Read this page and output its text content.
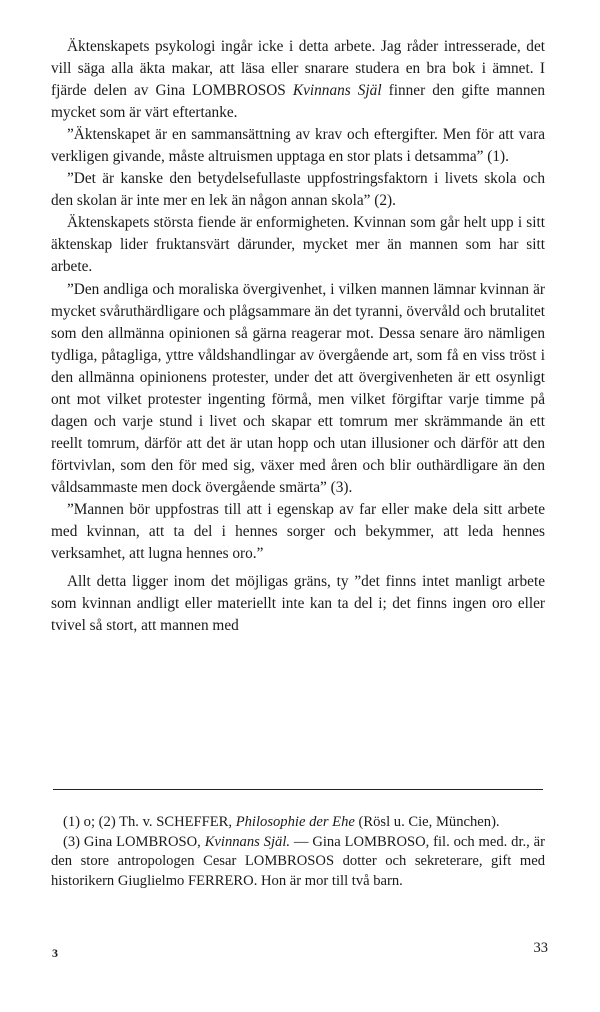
Äktenskapets psykologi ingår icke i detta arbete. Jag råder intresserade, det vill säga alla äkta makar, att läsa eller snarare studera en bra bok i ämnet. I fjärde delen av Gina LOMBROSOS Kvinnans Själ finner den gifte mannen mycket som är värt eftertanke.

”Äktenskapet är en sammansättning av krav och eftergifter. Men för att vara verkligen givande, måste altruismen upptaga en stor plats i detsamma” (1).

”Det är kanske den betydelsefullaste uppfostringsfaktorn i livets skola och den skolan är inte mer en lek än någon annan skola” (2).

Äktenskapets största fiende är enformigheten. Kvinnan som går helt upp i sitt äktenskap lider fruktansvärt därunder, mycket mer än mannen som har sitt arbete.

”Den andliga och moraliska övergivenhet, i vilken mannen lämnar kvinnan är mycket svåruthärdligare och plågsammare än det tyranni, övervåld och brutalitet som den allmänna opinionen så gärna reagerar mot. Dessa senare äro nämligen tydliga, påtagliga, yttre våldshandlingar av övergående art, som få en viss tröst i den allmänna opinionens protester, under det att övergivenheten är ett osynligt ont mot vilket protester ingenting förmå, men vilket förgiftar varje timme på dagen och varje stund i livet och skapar ett tomrum mer skrämmande än ett reellt tomrum, därför att det är utan hopp och utan illusioner och därför att den förtvivlan, som den för med sig, växer med åren och blir outhärdligare än den våldsammaste men dock övergående smärta” (3).

”Mannen bör uppfostras till att i egenskap av far eller make dela sitt arbete med kvinnan, att ta del i hennes sorger och bekymmer, att leda hennes verksamhet, att lugna hennes oro.”

Allt detta ligger inom det möjligas gräns, ty ”det finns intet manligt arbete som kvinnan andligt eller materiellt inte kan ta del i; det finns ingen oro eller tvivel så stort, att mannen med

(1) o; (2) Th. v. SCHEFFER, Philosophie der Ehe (Rösl u. Cie, München).

(3) Gina LOMBROSO, Kvinnans Själ. — Gina LOMBROSO, fil. och med. dr., är den store antropologen Cesar LOMBROSOS dotter och sekreterare, gift med historikern Giuglielmo FERRERO. Hon är mor till två barn.

3	33
